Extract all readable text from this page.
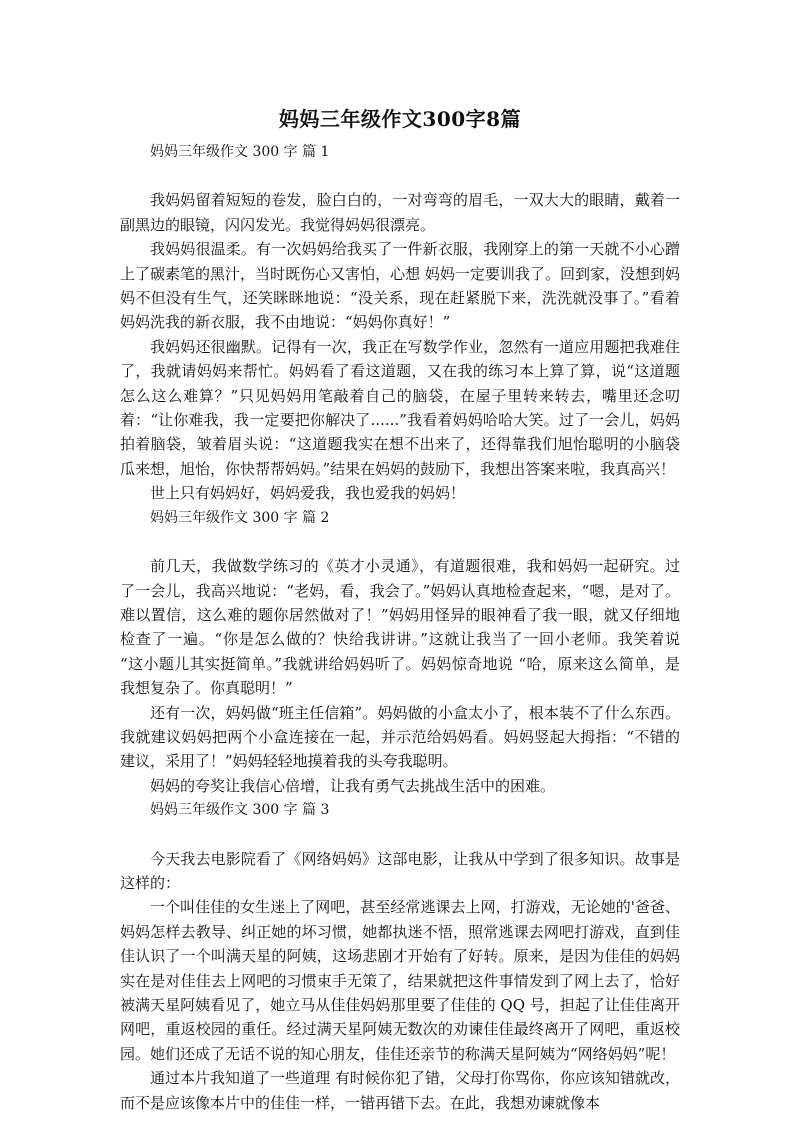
妈妈三年级作文300字8篇

妈妈三年级作文 300 字 篇 1

我妈妈留着短短的卷发，脸白白的，一对弯弯的眉毛，一双大大的眼睛，戴着一副黑边的眼镜，闪闪发光。我觉得妈妈很漂亮。

我妈妈很温柔。有一次妈妈给我买了一件新衣服，我刚穿上的第一天就不小心蹭上了碳素笔的黑汁，当时既伤心又害怕，心想 妈妈一定要训我了。回到家，没想到妈妈不但没有生气，还笑眯眯地说：“没关系，现在赶紧脱下来，洗洗就没事了。”看着妈妈洗我的新衣服，我不由地说：“妈妈你真好！”

我妈妈还很幽默。记得有一次，我正在写数学作业，忽然有一道应用题把我难住了，我就请妈妈来帮忙。妈妈看了看这道题，又在我的练习本上算了算，说“这道题怎么这么难算？”只见妈妈用笔敲着自己的脑袋，在屋子里转来转去，嘴里还念叨着：“让你难我，我一定要把你解决了......”我看着妈妈哈哈大笑。过了一会儿，妈妈拍着脑袋，皱着眉头说：“这道题我实在想不出来了，还得靠我们旭怡聪明的小脑袋瓜来想，旭怡，你快帮帮妈妈。”结果在妈妈的鼓励下，我想出答案来啦，我真高兴！

世上只有妈妈好，妈妈爱我，我也爱我的妈妈！

妈妈三年级作文 300 字 篇 2

前几天，我做数学练习的《英才小灵通》，有道题很难，我和妈妈一起研究。过了一会儿，我高兴地说：“老妈，看，我会了。”妈妈认真地检查起来，“嗯，是对了。难以置信，这么难的题你居然做对了！”妈妈用怪异的眼神看了我一眼，就又仔细地检查了一遍。“你是怎么做的？快给我讲讲。”这就让我当了一回小老师。我笑着说 “这小题儿其实挺简单。”我就讲给妈妈听了。妈妈惊奇地说 “哈，原来这么简单，是我想复杂了。你真聪明！”

还有一次，妈妈做“班主任信箱”。妈妈做的小盒太小了，根本装不了什么东西。我就建议妈妈把两个小盒连接在一起，并示范给妈妈看。妈妈竖起大拇指：“不错的建议，采用了！”妈妈轻轻地摸着我的头夸我聪明。

妈妈的夸奖让我信心倍增，让我有勇气去挑战生活中的困难。

妈妈三年级作文 300 字 篇 3

今天我去电影院看了《网络妈妈》这部电影，让我从中学到了很多知识。故事是这样的：

一个叫佳佳的女生迷上了网吧，甚至经常逃课去上网，打游戏，无论她的'爸爸、妈妈怎样去教导、纠正她的坏习惯，她都执迷不悟，照常逃课去网吧打游戏，直到佳佳认识了一个叫满天星的阿姨，这场悲剧才开始有了好转。原来，是因为佳佳的妈妈实在是对佳佳去上网吧的习惯束手无策了，结果就把这件事情发到了网上去了，恰好被满天星阿姨看见了，她立马从佳佳妈妈那里要了佳佳的 QQ 号，担起了让佳佳离开网吧，重返校园的重任。经过满天星阿姨无数次的劝谏佳佳最终离开了网吧，重返校园。她们还成了无话不说的知心朋友，佳佳还亲节的称满天星阿姨为“网络妈妈”呢！

通过本片我知道了一些道理 有时候你犯了错，父母打你骂你，你应该知错就改，而不是应该像本片中的佳佳一样，一错再错下去。在此，我想劝谏就像本
